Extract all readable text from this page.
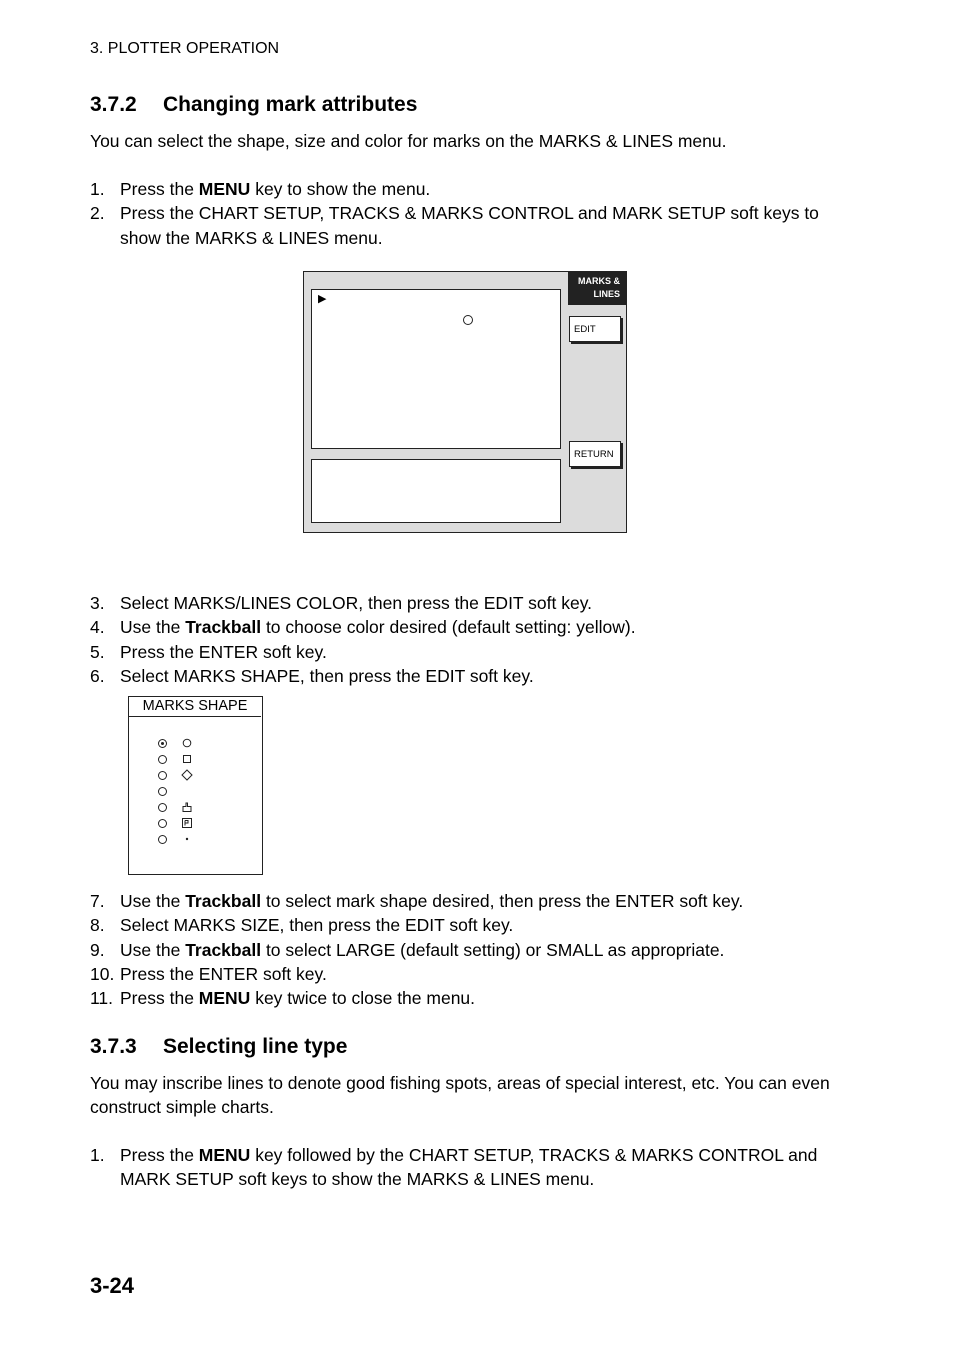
3. PLOTTER OPERATION
3.7.2 Changing mark attributes
You can select the shape, size and color for marks on the MARKS & LINES menu.
1. Press the MENU key to show the menu.
2. Press the CHART SETUP, TRACKS & MARKS CONTROL and MARK SETUP soft keys to show the MARKS & LINES menu.
▶
MARKS &
LINES
EDIT
RETURN
3. Select MARKS/LINES COLOR, then press the EDIT soft key.
4. Use the Trackball to choose color desired (default setting: yellow).
5. Press the ENTER soft key.
6. Select MARKS SHAPE, then press the EDIT soft key.
MARKS SHAPE
7. Use the Trackball to select mark shape desired, then press the ENTER soft key.
8. Select MARKS SIZE, then press the EDIT soft key.
9. Use the Trackball to select LARGE (default setting) or SMALL as appropriate.
10. Press the ENTER soft key.
11. Press the MENU key twice to close the menu.
3.7.3 Selecting line type
You may inscribe lines to denote good fishing spots, areas of special interest, etc. You can even construct simple charts.
1. Press the MENU key followed by the CHART SETUP, TRACKS & MARKS CONTROL and MARK SETUP soft keys to show the MARKS & LINES menu.
3-24
